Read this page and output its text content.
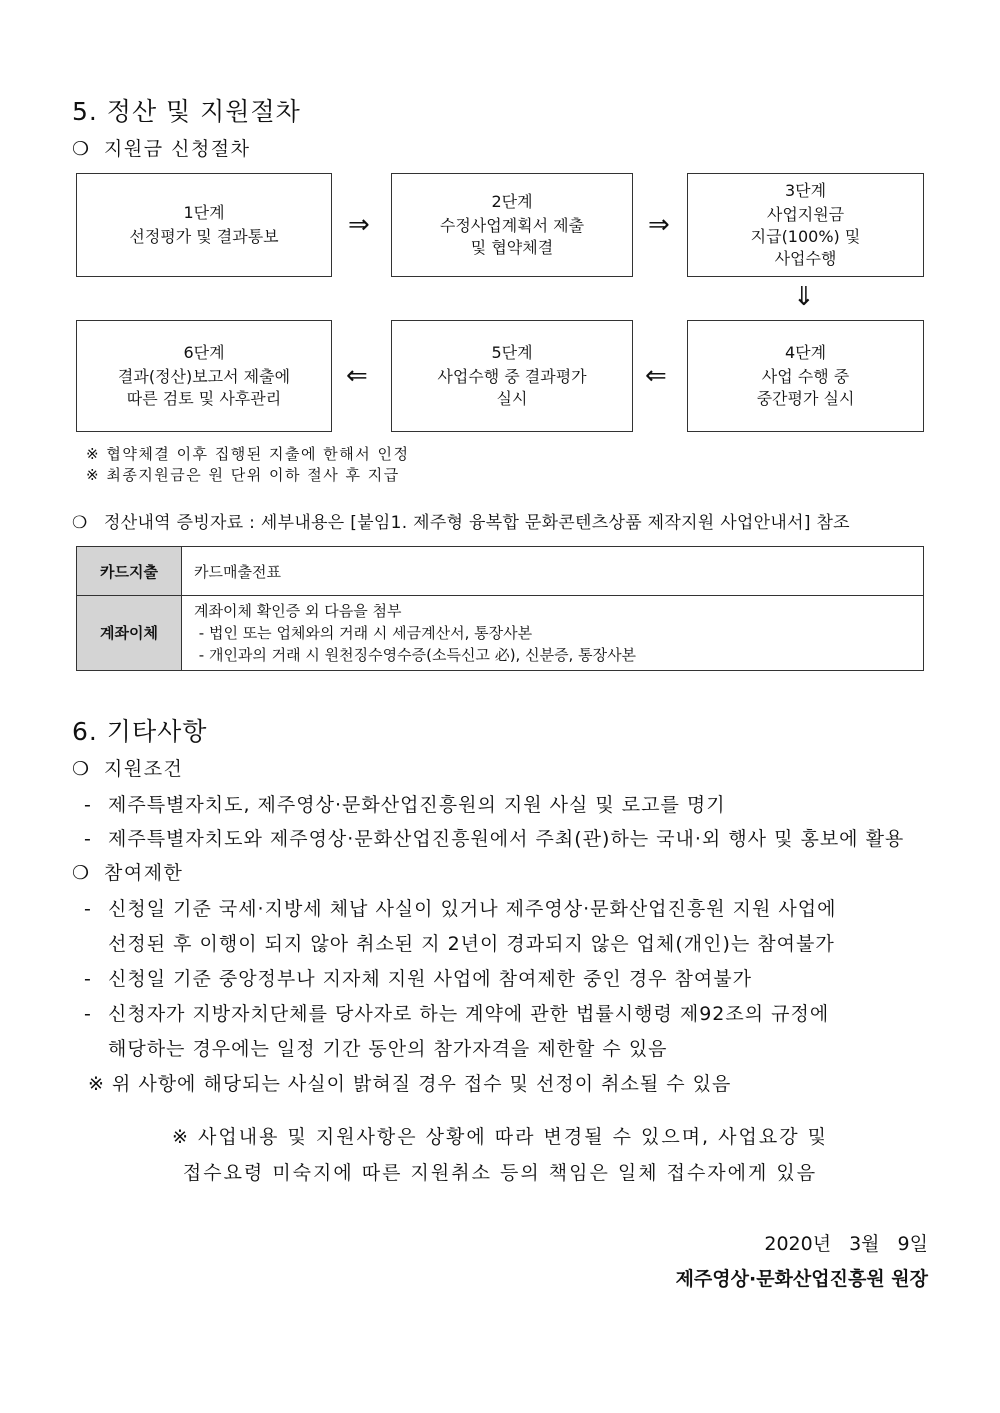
5. 정산 및 지원절차
❍ 지원금 신청절차
1단계
선정평가 및 결과통보	⇒
2단계
수정사업계획서 제출
및 협약체결
⇒
3단계
사업지원금
지급(100%) 및
사업수행
⇓
6단계
결과(정산)보고서 제출에
따른 검토 및 사후관리
⇐
5단계
사업수행 중 결과평가
실시
⇐
4단계
사업 수행 중
중간평가 실시
※ 협약체결 이후 집행된 지출에 한해서 인정
※ 최종지원금은 원 단위 이하 절사 후 지급
❍ 정산내역 증빙자료 : 세부내용은 [붙임1. 제주형 융복합 문화콘텐츠상품 제작지원 사업안내서] 참조
카드지출	카드매출전표
계좌이체	계좌이체 확인증 외 다음을 첨부
- 법인 또는 업체와의 거래 시 세금계산서, 통장사본
- 개인과의 거래 시 원천징수영수증(소득신고 必), 신분증, 통장사본
6. 기타사항
❍ 지원조건
- 제주특별자치도, 제주영상·문화산업진흥원의 지원 사실 및 로고를 명기
- 제주특별자치도와 제주영상·문화산업진흥원에서 주최(관)하는 국내·외 행사 및 홍보에 활용
❍ 참여제한
- 신청일 기준 국세·지방세 체납 사실이 있거나 제주영상·문화산업진흥원 지원 사업에
선정된 후 이행이 되지 않아 취소된 지 2년이 경과되지 않은 업체(개인)는 참여불가
- 신청일 기준 중앙정부나 지자체 지원 사업에 참여제한 중인 경우 참여불가
- 신청자가 지방자치단체를 당사자로 하는 계약에 관한 법률시행령 제92조의 규정에
해당하는 경우에는 일정 기간 동안의 참가자격을 제한할 수 있음
※ 위 사항에 해당되는 사실이 밝혀질 경우 접수 및 선정이 취소될 수 있음
※ 사업내용 및 지원사항은 상황에 따라 변경될 수 있으며, 사업요강 및
접수요령 미숙지에 따른 지원취소 등의 책임은 일체 접수자에게 있음
2020년 3월 9일
제주영상·문화산업진흥원 원장
